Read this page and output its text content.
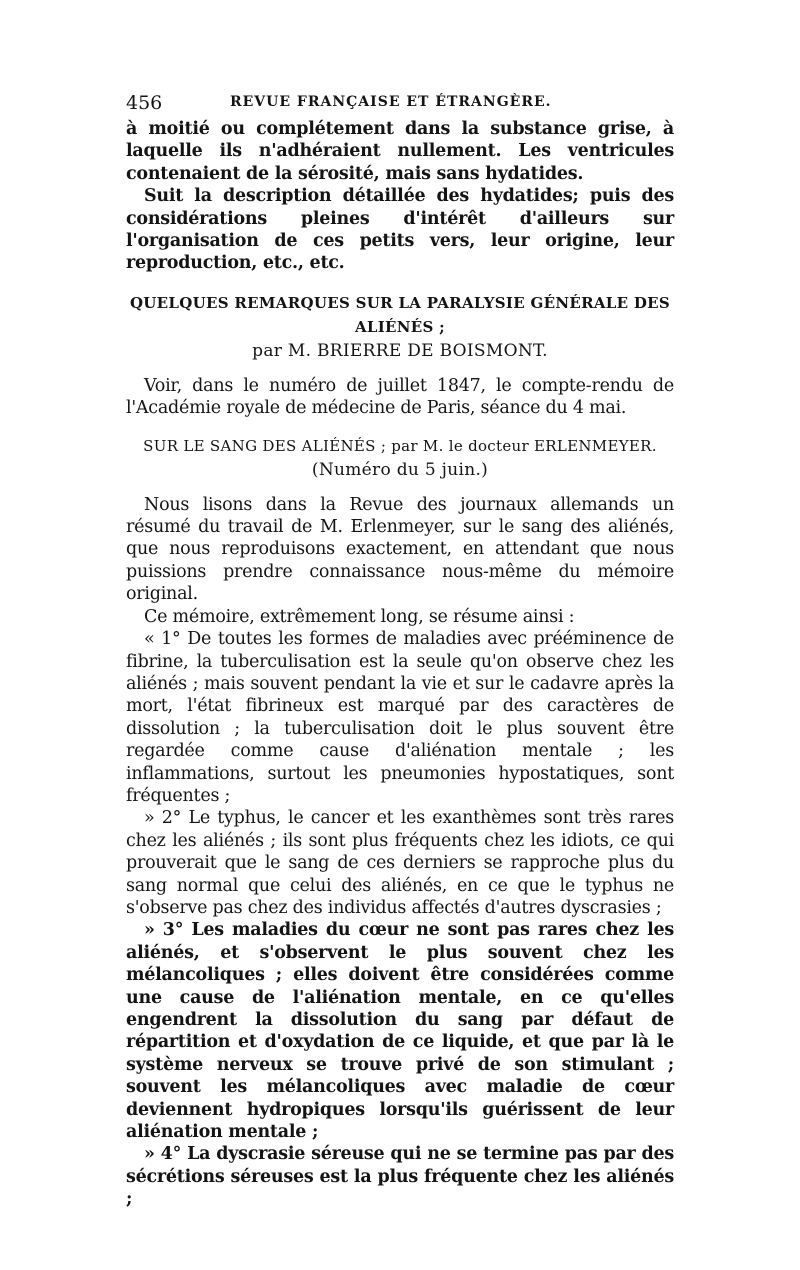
456	REVUE FRANÇAISE ET ÉTRANGÈRE.

à moitié ou complétement dans la substance grise, à laquelle ils n'adhéraient nullement. Les ventricules contenaient de la sérosité, mais sans hydatides.

Suit la description détaillée des hydatides; puis des considérations pleines d'intérêt d'ailleurs sur l'organisation de ces petits vers, leur origine, leur reproduction, etc., etc.

QUELQUES REMARQUES SUR LA PARALYSIE GÉNÉRALE DES ALIÉNÉS ;
par M. BRIERRE DE BOISMONT.

Voir, dans le numéro de juillet 1847, le compte-rendu de l'Académie royale de médecine de Paris, séance du 4 mai.

SUR LE SANG DES ALIÉNÉS ; par M. le docteur ERLENMEYER.
(Numéro du 5 juin.)

Nous lisons dans la Revue des journaux allemands un résumé du travail de M. Erlenmeyer, sur le sang des aliénés, que nous reproduisons exactement, en attendant que nous puissions prendre connaissance nous-même du mémoire original.

Ce mémoire, extrêmement long, se résume ainsi :

« 1° De toutes les formes de maladies avec prééminence de fibrine, la tuberculisation est la seule qu'on observe chez les aliénés ; mais souvent pendant la vie et sur le cadavre après la mort, l'état fibrineux est marqué par des caractères de dissolution ; la tuberculisation doit le plus souvent être regardée comme cause d'aliénation mentale ; les inflammations, surtout les pneumonies hypostatiques, sont fréquentes ;

» 2° Le typhus, le cancer et les exanthèmes sont très rares chez les aliénés ; ils sont plus fréquents chez les idiots, ce qui prouverait que le sang de ces derniers se rapproche plus du sang normal que celui des aliénés, en ce que le typhus ne s'observe pas chez des individus affectés d'autres dyscrasies ;

» 3° Les maladies du cœur ne sont pas rares chez les aliénés, et s'observent le plus souvent chez les mélancoliques ; elles doivent être considérées comme une cause de l'aliénation mentale, en ce qu'elles engendrent la dissolution du sang par défaut de répartition et d'oxydation de ce liquide, et que par là le système nerveux se trouve privé de son stimulant ; souvent les mélancoliques avec maladie de cœur deviennent hydropiques lorsqu'ils guérissent de leur aliénation mentale ;

» 4° La dyscrasie séreuse qui ne se termine pas par des sécrétions séreuses est la plus fréquente chez les aliénés ;
